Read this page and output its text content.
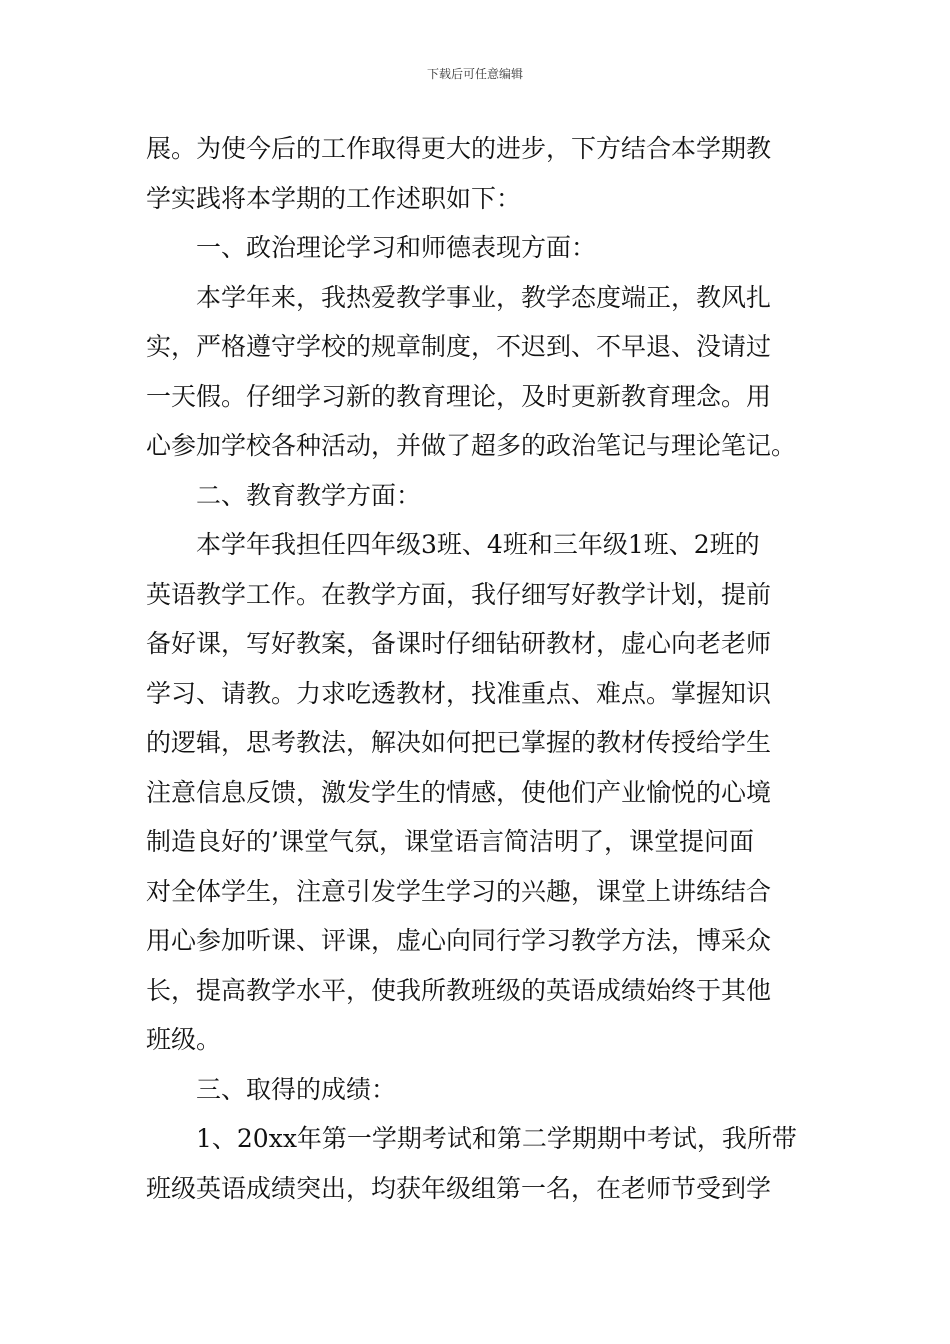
下载后可任意编辑
展。为使今后的工作取得更大的进步，下方结合本学期教
学实践将本学期的工作述职如下：
一、政治理论学习和师德表现方面：
本学年来，我热爱教学事业，教学态度端正，教风扎
实，严格遵守学校的规章制度，不迟到、不早退、没请过
一天假。仔细学习新的教育理论，及时更新教育理念。用
心参加学校各种活动，并做了超多的政治笔记与理论笔记。
二、教育教学方面：
本学年我担任四年级3班、4班和三年级1班、2班的
英语教学工作。在教学方面，我仔细写好教学计划，提前
备好课，写好教案，备课时仔细钻研教材，虚心向老老师
学习、请教。力求吃透教材，找准重点、难点。掌握知识
的逻辑，思考教法，解决如何把已掌握的教材传授给学生
注意信息反馈，激发学生的情感，使他们产业愉悦的心境
制造良好的’课堂气氛，课堂语言简洁明了，课堂提问面
对全体学生，注意引发学生学习的兴趣，课堂上讲练结合
用心参加听课、评课，虚心向同行学习教学方法，博采众
长，提高教学水平，使我所教班级的英语成绩始终于其他
班级。
三、取得的成绩：
1、20xx年第一学期考试和第二学期期中考试，我所带
班级英语成绩突出，均获年级组第一名，在老师节受到学
